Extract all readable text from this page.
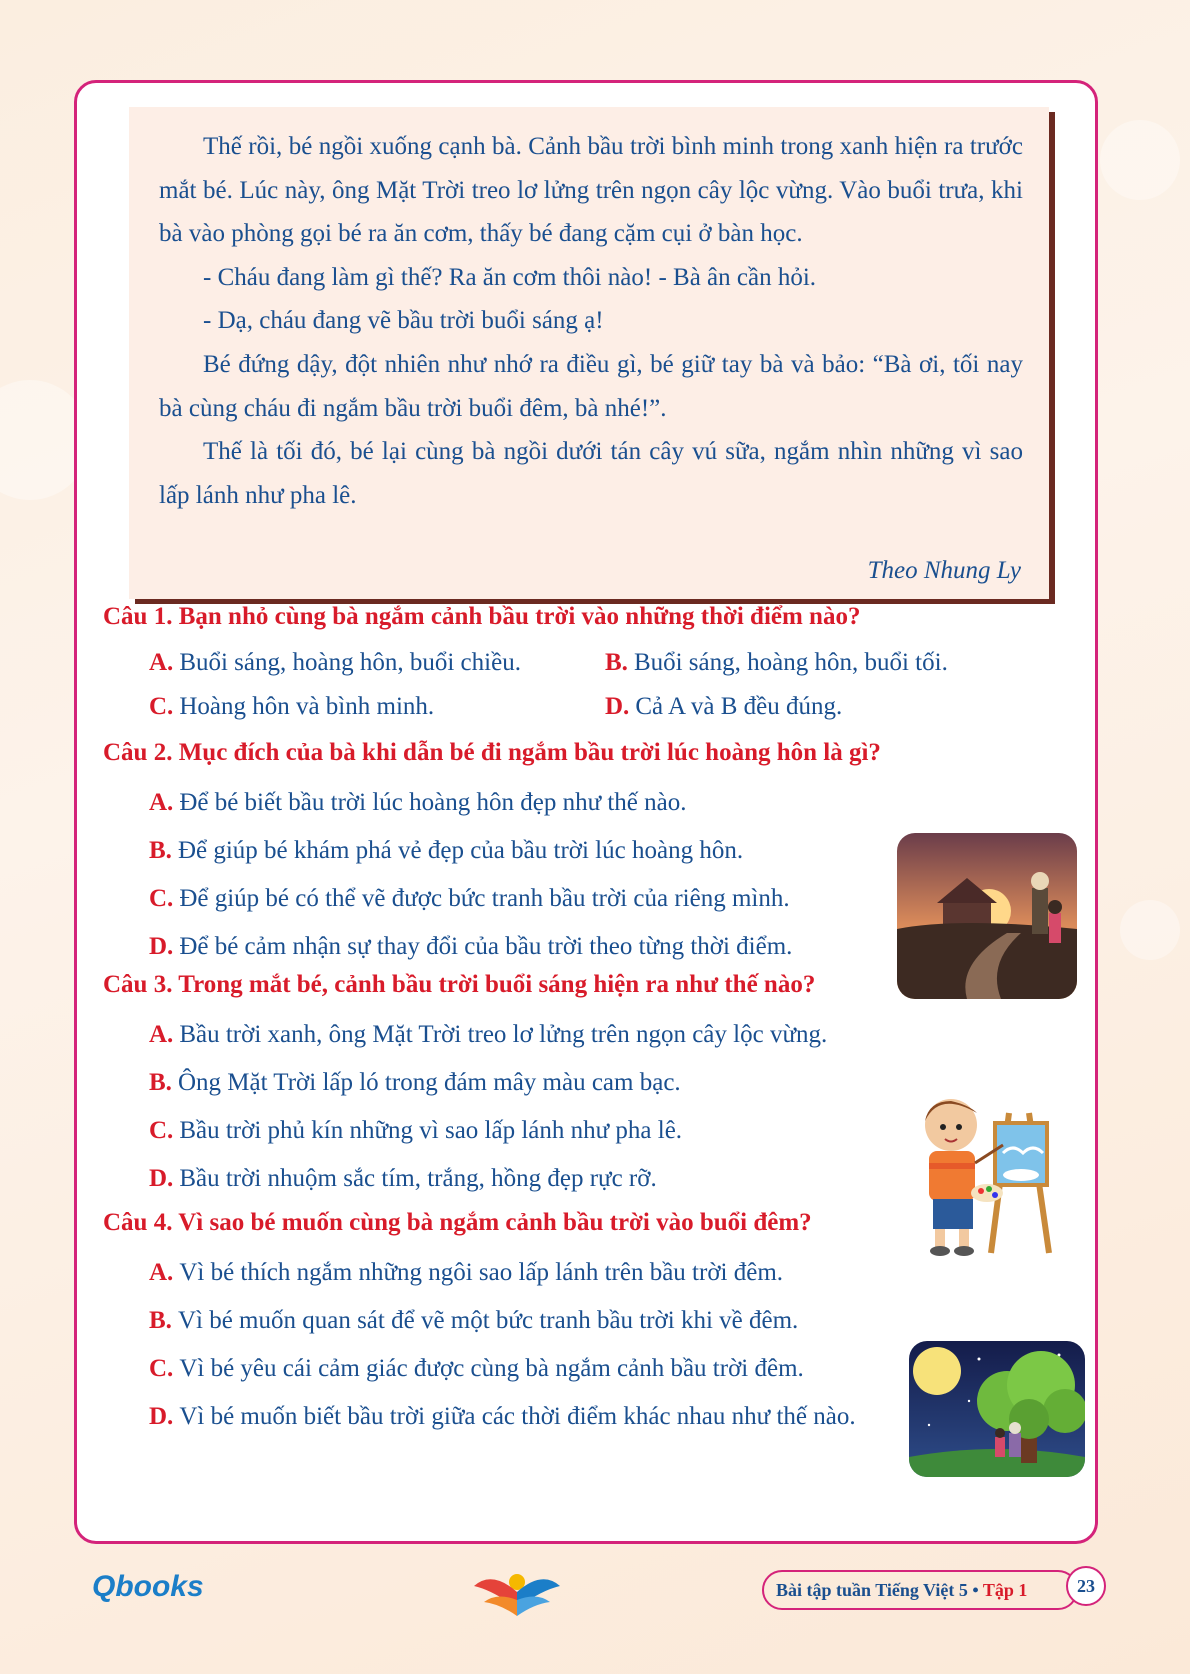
Thế rồi, bé ngồi xuống cạnh bà. Cảnh bầu trời bình minh trong xanh hiện ra trước mắt bé. Lúc này, ông Mặt Trời treo lơ lửng trên ngọn cây lộc vừng. Vào buổi trưa, khi bà vào phòng gọi bé ra ăn cơm, thấy bé đang cặm cụi ở bàn học.

- Cháu đang làm gì thế? Ra ăn cơm thôi nào! - Bà ân cần hỏi.

- Dạ, cháu đang vẽ bầu trời buổi sáng ạ!

Bé đứng dậy, đột nhiên như nhớ ra điều gì, bé giữ tay bà và bảo: “Bà ơi, tối nay bà cùng cháu đi ngắm bầu trời buổi đêm, bà nhé!”.

Thế là tối đó, bé lại cùng bà ngồi dưới tán cây vú sữa, ngắm nhìn những vì sao lấp lánh như pha lê.

Theo Nhung Ly
Câu 1. Bạn nhỏ cùng bà ngắm cảnh bầu trời vào những thời điểm nào?
A. Buổi sáng, hoàng hôn, buổi chiều.	B. Buổi sáng, hoàng hôn, buổi tối.
C. Hoàng hôn và bình minh.	D. Cả A và B đều đúng.
Câu 2. Mục đích của bà khi dẫn bé đi ngắm bầu trời lúc hoàng hôn là gì?
A. Để bé biết bầu trời lúc hoàng hôn đẹp như thế nào.
B. Để giúp bé khám phá vẻ đẹp của bầu trời lúc hoàng hôn.
C. Để giúp bé có thể vẽ được bức tranh bầu trời của riêng mình.
D. Để bé cảm nhận sự thay đổi của bầu trời theo từng thời điểm.
Câu 3. Trong mắt bé, cảnh bầu trời buổi sáng hiện ra như thế nào?
A. Bầu trời xanh, ông Mặt Trời treo lơ lửng trên ngọn cây lộc vừng.
B. Ông Mặt Trời lấp ló trong đám mây màu cam bạc.
C. Bầu trời phủ kín những vì sao lấp lánh như pha lê.
D. Bầu trời nhuộm sắc tím, trắng, hồng đẹp rực rỡ.
Câu 4. Vì sao bé muốn cùng bà ngắm cảnh bầu trời vào buổi đêm?
A. Vì bé thích ngắm những ngôi sao lấp lánh trên bầu trời đêm.
B. Vì bé muốn quan sát để vẽ một bức tranh bầu trời khi về đêm.
C. Vì bé yêu cái cảm giác được cùng bà ngắm cảnh bầu trời đêm.
D. Vì bé muốn biết bầu trời giữa các thời điểm khác nhau như thế nào.
Qbooks	Bài tập tuần Tiếng Việt 5 • Tập 1	23
